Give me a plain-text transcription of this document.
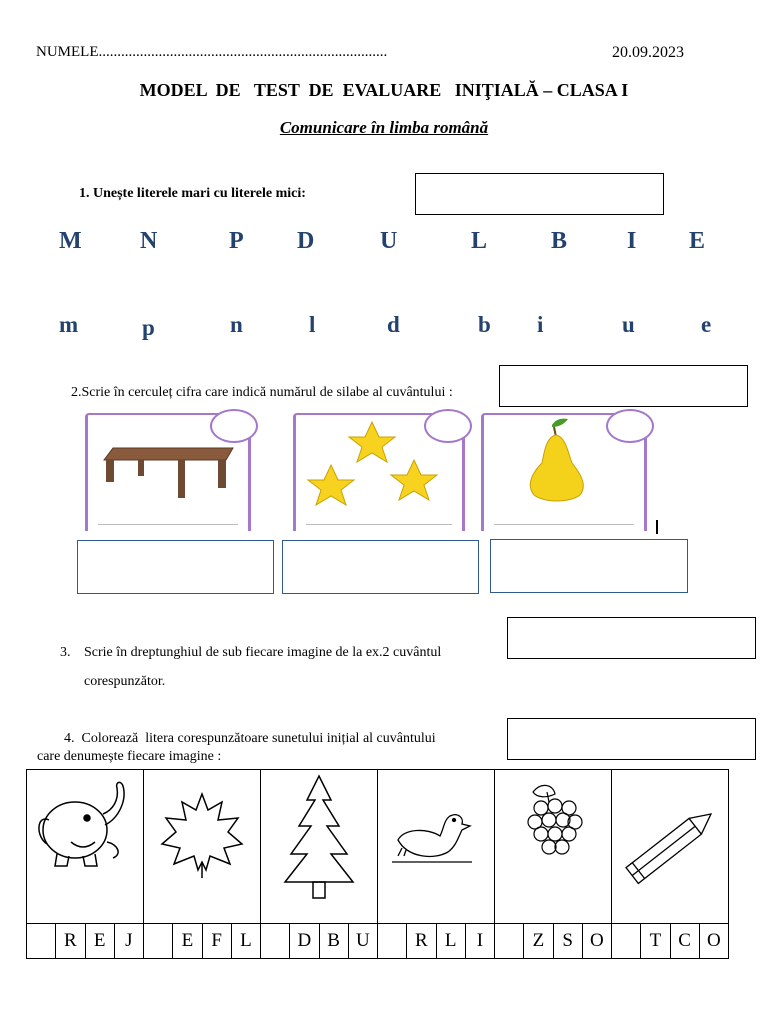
NUMELE.............................................................................	20.09.2023
MODEL  DE   TEST  DE  EVALUARE   INIŢIALĂ – CLASA I
Comunicare în limba română
1. Unește literele mari cu literele mici:
M N	P D	U	L	B I E
m	p	n	l	d	b i	u	e
2.Scrie în cerculeț cifra care indică numărul de silabe al cuvântului :
3. Scrie în dreptunghiul de sub fiecare imagine de la ex.2 cuvântul
corespunzător.
4.  Colorează  litera corespunzătoare sunetului inițial al cuvântului
care denumește fiecare imagine :

	R	E	J		E	F	L		D	B	U		R	L	I		Z	S	O		T	C	O
